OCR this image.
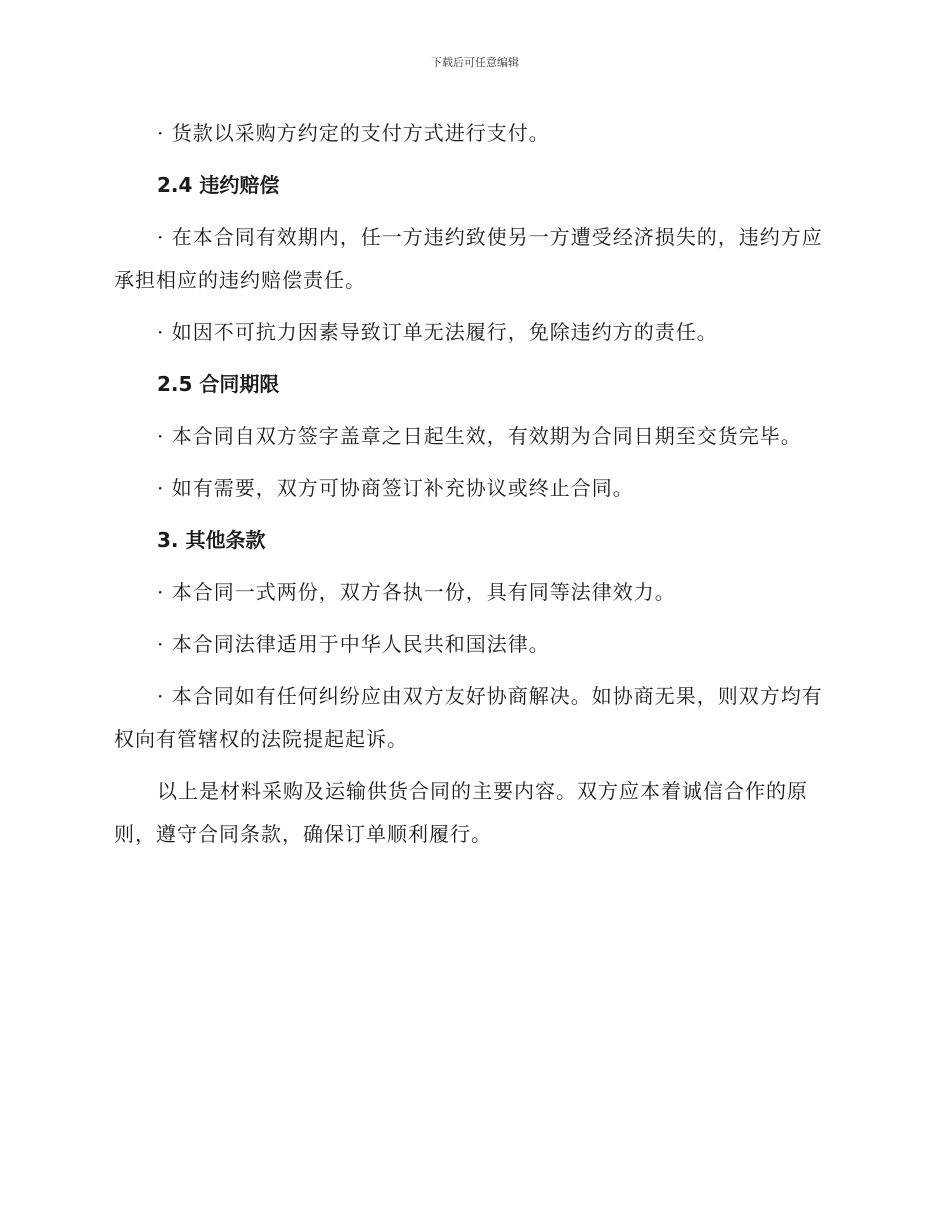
下载后可任意编辑

· 货款以采购方约定的支付方式进行支付。

2.4 违约赔偿

· 在本合同有效期内，任一方违约致使另一方遭受经济损失的，违约方应承担相应的违约赔偿责任。

· 如因不可抗力因素导致订单无法履行，免除违约方的责任。

2.5 合同期限

· 本合同自双方签字盖章之日起生效，有效期为合同日期至交货完毕。

· 如有需要，双方可协商签订补充协议或终止合同。

3. 其他条款

· 本合同一式两份，双方各执一份，具有同等法律效力。

· 本合同法律适用于中华人民共和国法律。

· 本合同如有任何纠纷应由双方友好协商解决。如协商无果，则双方均有权向有管辖权的法院提起起诉。

以上是材料采购及运输供货合同的主要内容。双方应本着诚信合作的原则，遵守合同条款，确保订单顺利履行。
